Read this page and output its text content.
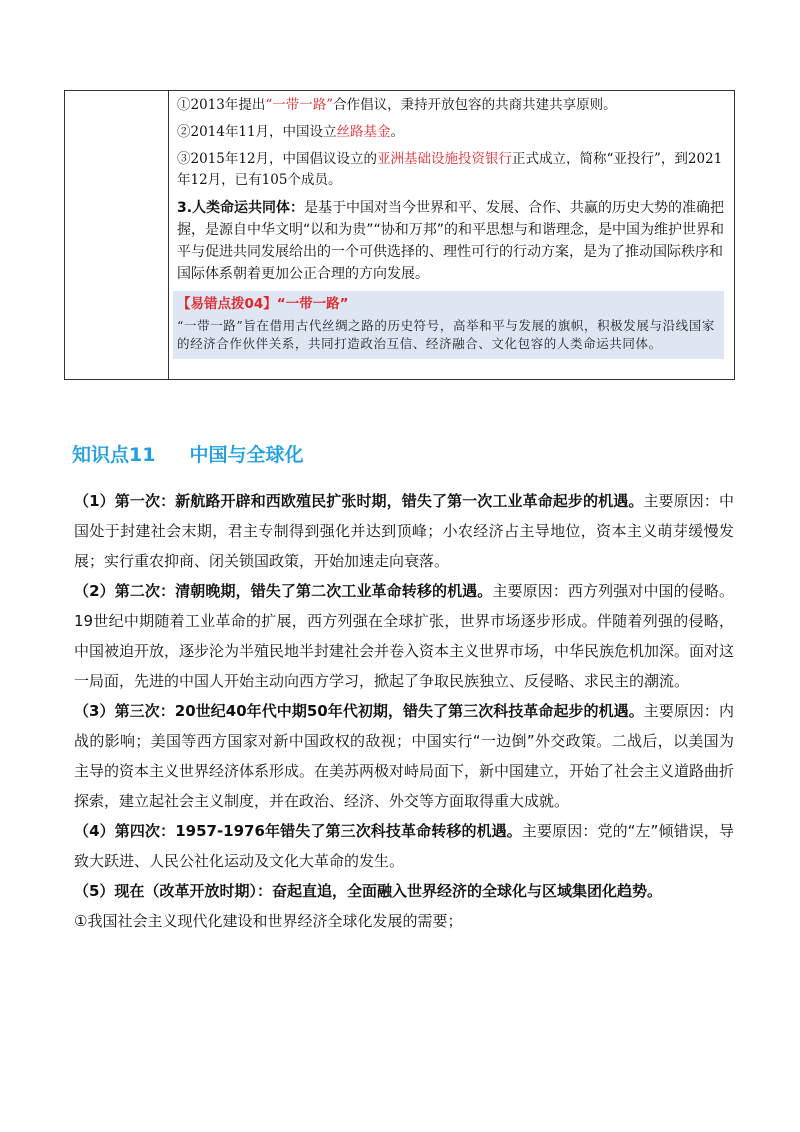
①2013年提出“一带一路”合作倡议，秉持开放包容的共商共建共享原则。
②2014年11月，中国设立丝路基金。
③2015年12月，中国倡议设立的亚洲基础设施投资银行正式成立，简称“亚投行”，到2021年12月，已有105个成员。
3.人类命运共同体：是基于中国对当今世界和平、发展、合作、共赢的历史大势的准确把握，是源自中华文明“以和为贵”“协和万邦”的和平思想与和谐理念，是中国为维护世界和平与促进共同发展给出的一个可供选择的、理性可行的行动方案，是为了推动国际秩序和国际体系朝着更加公正合理的方向发展。
【易错点拨04】“一带一路”
“一带一路”旨在借用古代丝绸之路的历史符号，高举和平与发展的旗帜，积极发展与沿线国家的经济合作伙伴关系，共同打造政治互信、经济融合、文化包容的人类命运共同体。
知识点11 中国与全球化
（1）第一次：新航路开辟和西欧殖民扩张时期，错失了第一次工业革命起步的机遇。主要原因：中国处于封建社会末期，君主专制得到强化并达到顶峰；小农经济占主导地位，资本主义萌芽缓慢发展；实行重农抑商、闭关锁国政策，开始加速走向衰落。
（2）第二次：清朝晚期，错失了第二次工业革命转移的机遇。主要原因：西方列强对中国的侵略。19世纪中期随着工业革命的扩展，西方列强在全球扩张，世界市场逐步形成。伴随着列强的侵略，中国被迫开放，逐步沦为半殖民地半封建社会并卷入资本主义世界市场，中华民族危机加深。面对这一局面，先进的中国人开始主动向西方学习，掀起了争取民族独立、反侵略、求民主的潮流。
（3）第三次：20世纪40年代中期50年代初期，错失了第三次科技革命起步的机遇。主要原因：内战的影响；美国等西方国家对新中国政权的敌视；中国实行“一边倒”外交政策。二战后，以美国为主导的资本主义世界经济体系形成。在美苏两极对峙局面下，新中国建立，开始了社会主义道路曲折探索，建立起社会主义制度，并在政治、经济、外交等方面取得重大成就。
（4）第四次：1957-1976年错失了第三次科技革命转移的机遇。主要原因：党的“左”倾错误，导致大跃进、人民公社化运动及文化大革命的发生。
（5）现在（改革开放时期）：奋起直追，全面融入世界经济的全球化与区域集团化趋势。
①我国社会主义现代化建设和世界经济全球化发展的需要；
